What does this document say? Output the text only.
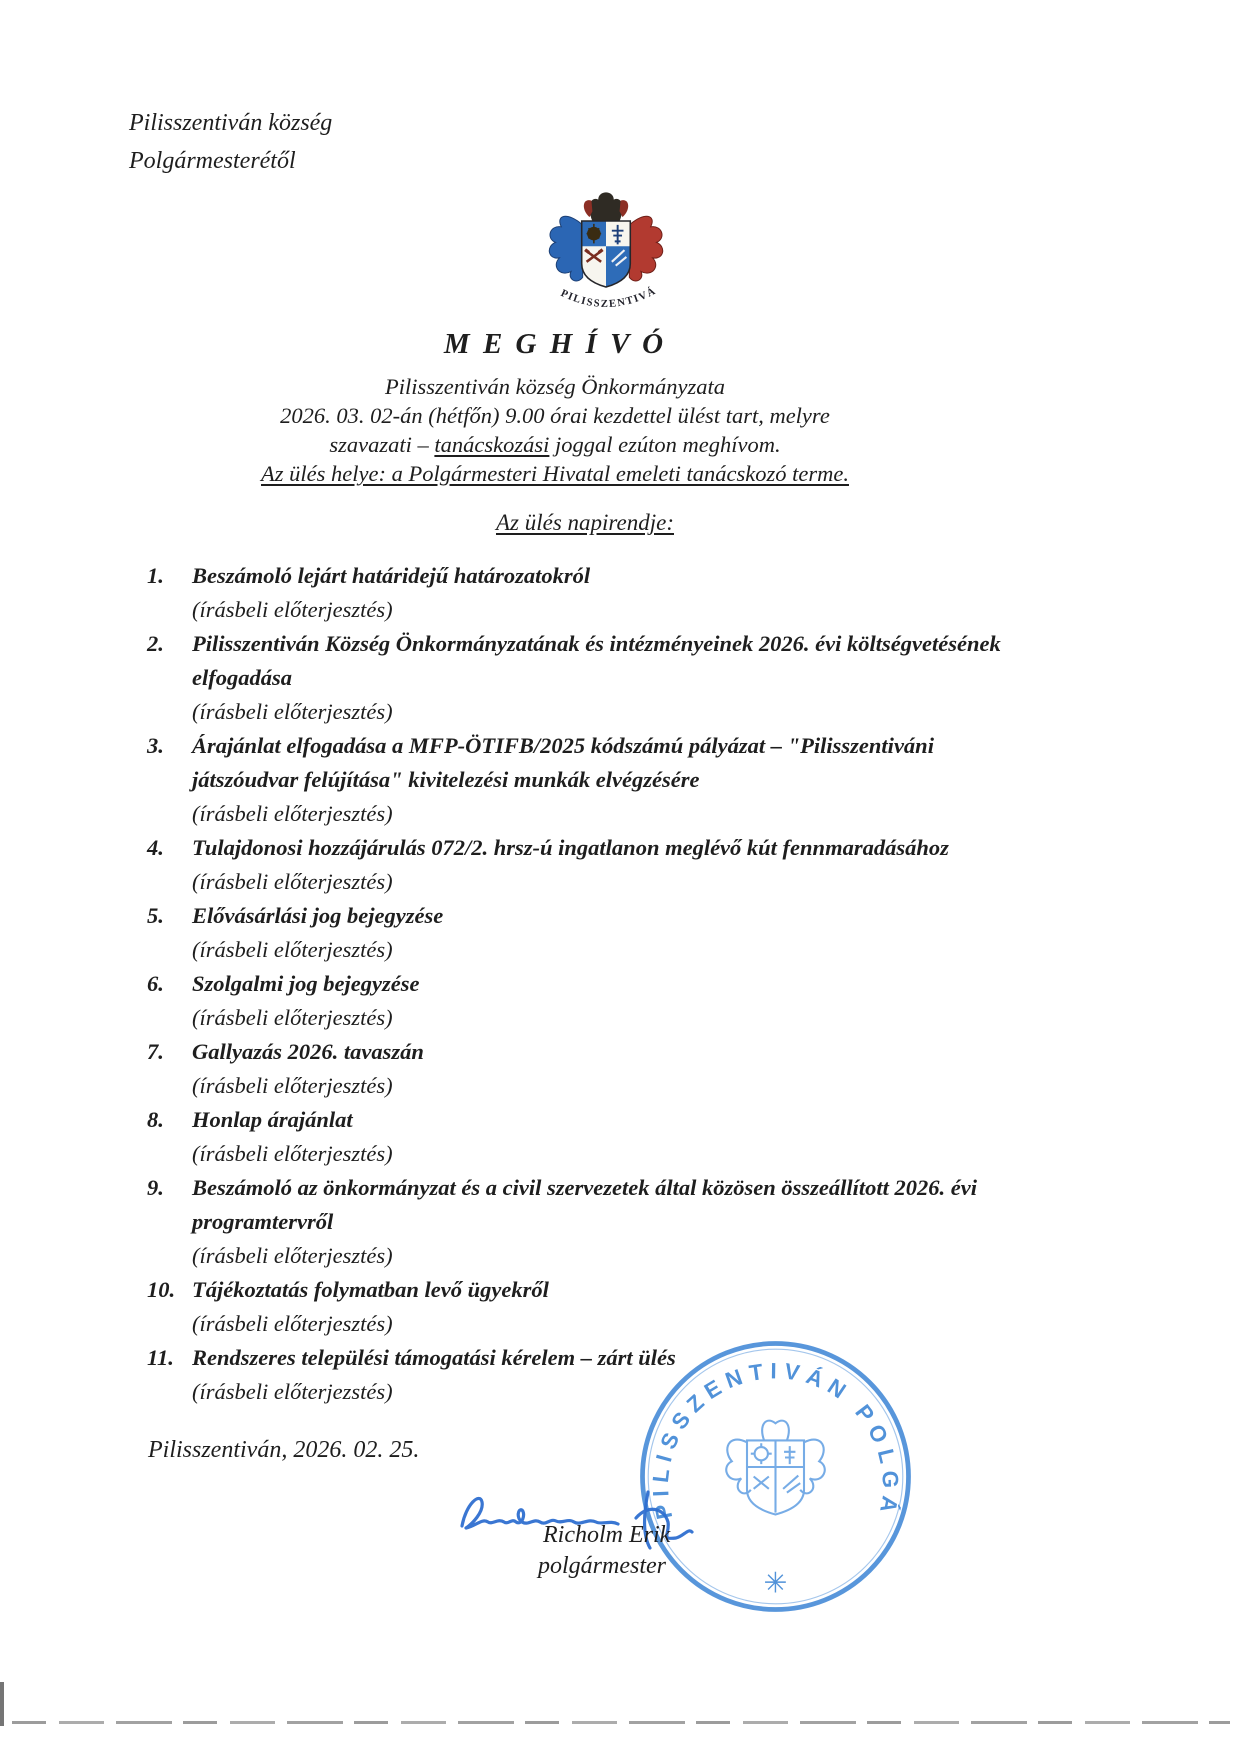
Pilisszentiván község
Polgármesterétől
PILISSZENTIVÁ
M E G H Í V Ó
Pilisszentiván község Önkormányzata
2026. 03. 02-án (hétfőn) 9.00 órai kezdettel ülést tart, melyre
szavazati – tanácskozási joggal ezúton meghívom.
Az ülés helye: a Polgármesteri Hivatal emeleti tanácskozó terme.
Az ülés napirendje:
1.	Beszámoló lejárt határidejű határozatokról
(írásbeli előterjesztés)
2.	Pilisszentiván Község Önkormányzatának és intézményeinek 2026. évi költségvetésének
elfogadása
(írásbeli előterjesztés)
3.	Árajánlat elfogadása a MFP-ÖTIFB/2025 kódszámú pályázat – "Pilisszentiváni
játszóudvar felújítása" kivitelezési munkák elvégzésére
(írásbeli előterjesztés)
4.	Tulajdonosi hozzájárulás 072/2. hrsz-ú ingatlanon meglévő kút fennmaradásához
(írásbeli előterjesztés)
5.	Elővásárlási jog bejegyzése
(írásbeli előterjesztés)
6.	Szolgalmi jog bejegyzése
(írásbeli előterjesztés)
7.	Gallyazás 2026. tavaszán
(írásbeli előterjesztés)
8.	Honlap árajánlat
(írásbeli előterjesztés)
9.	Beszámoló az önkormányzat és a civil szervezetek által közösen összeállított 2026. évi
programtervről
(írásbeli előterjesztés)
10. Tájékoztatás folymatban levő ügyekről
(írásbeli előterjesztés)
11. Rendszeres települési támogatási kérelem – zárt ülés
(írásbeli előterjezstés)
Pilisszentiván, 2026. 02. 25.
PILISSZENTIVÁN POLGÁ
✳
Richolm Erik
polgármester
